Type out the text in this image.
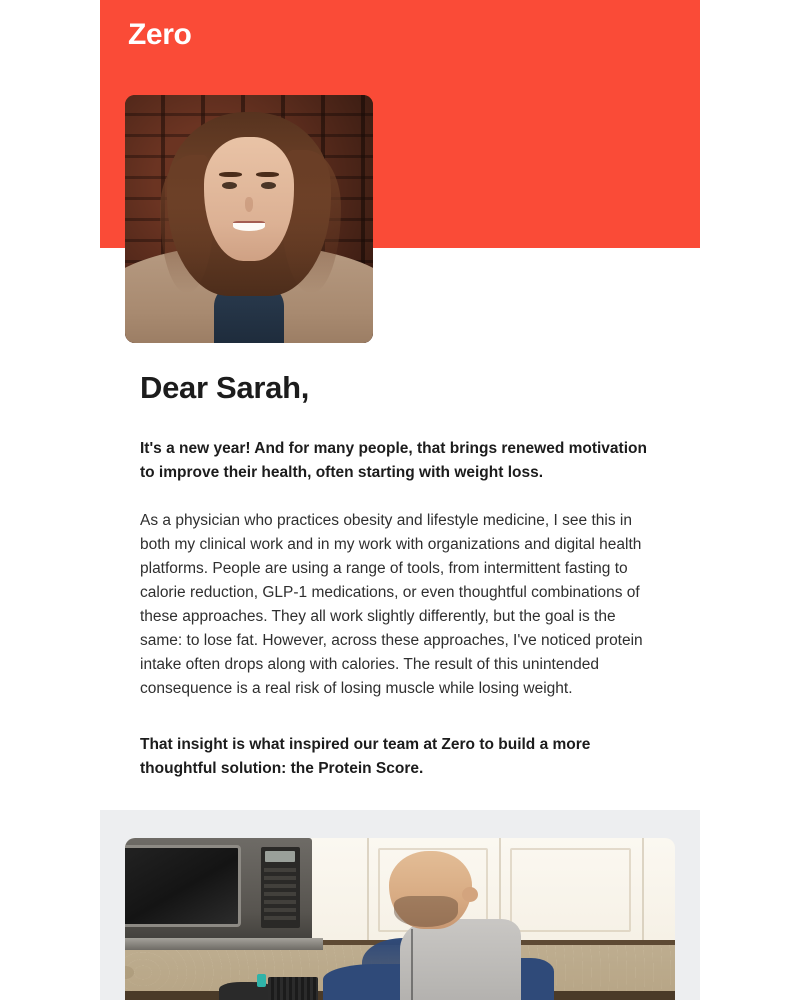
Zero
Dear Sarah,

It's a new year! And for many people, that brings renewed motivation to improve their health, often starting with weight loss.

As a physician who practices obesity and lifestyle medicine, I see this in both my clinical work and in my work with organizations and digital health platforms. People are using a range of tools, from intermittent fasting to calorie reduction, GLP-1 medications, or even thoughtful combinations of these approaches. They all work slightly differently, but the goal is the same: to lose fat. However, across these approaches, I've noticed protein intake often drops along with calories. The result of this unintended consequence is a real risk of losing muscle while losing weight.

That insight is what inspired our team at Zero to build a more thoughtful solution: the Protein Score.
